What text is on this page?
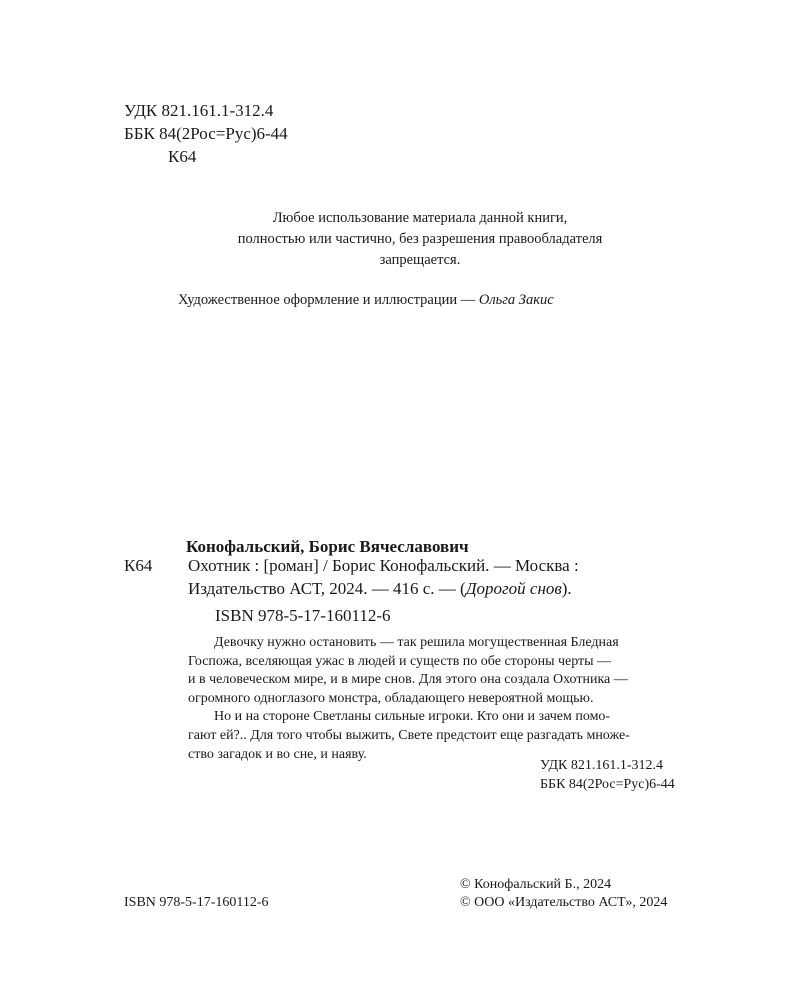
УДК 821.161.1-312.4
ББК 84(2Рос=Рус)6-44
К64
Любое использование материала данной книги,
полностью или частично, без разрешения правообладателя
запрещается.
Художественное оформление и иллюстрации — Ольга Закис
Конофальский, Борис Вячеславович
К64 Охотник : [роман] / Борис Конофальский. — Москва :
Издательство АСТ, 2024. — 416 с. — (Дорогой снов).
ISBN 978-5-17-160112-6
Девочку нужно остановить — так решила могущественная Бледная
Госпожа, вселяющая ужас в людей и существ по обе стороны черты —
и в человеческом мире, и в мире снов. Для этого она создала Охотника —
огромного одноглазого монстра, обладающего невероятной мощью.
Но и на стороне Светланы сильные игроки. Кто они и зачем помо-
гают ей?.. Для того чтобы выжить, Свете предстоит еще разгадать множе-
ство загадок и во сне, и наяву.
УДК 821.161.1-312.4
ББК 84(2Рос=Рус)6-44
© Конофальский Б., 2024
© ООО «Издательство АСТ», 2024
ISBN 978-5-17-160112-6
